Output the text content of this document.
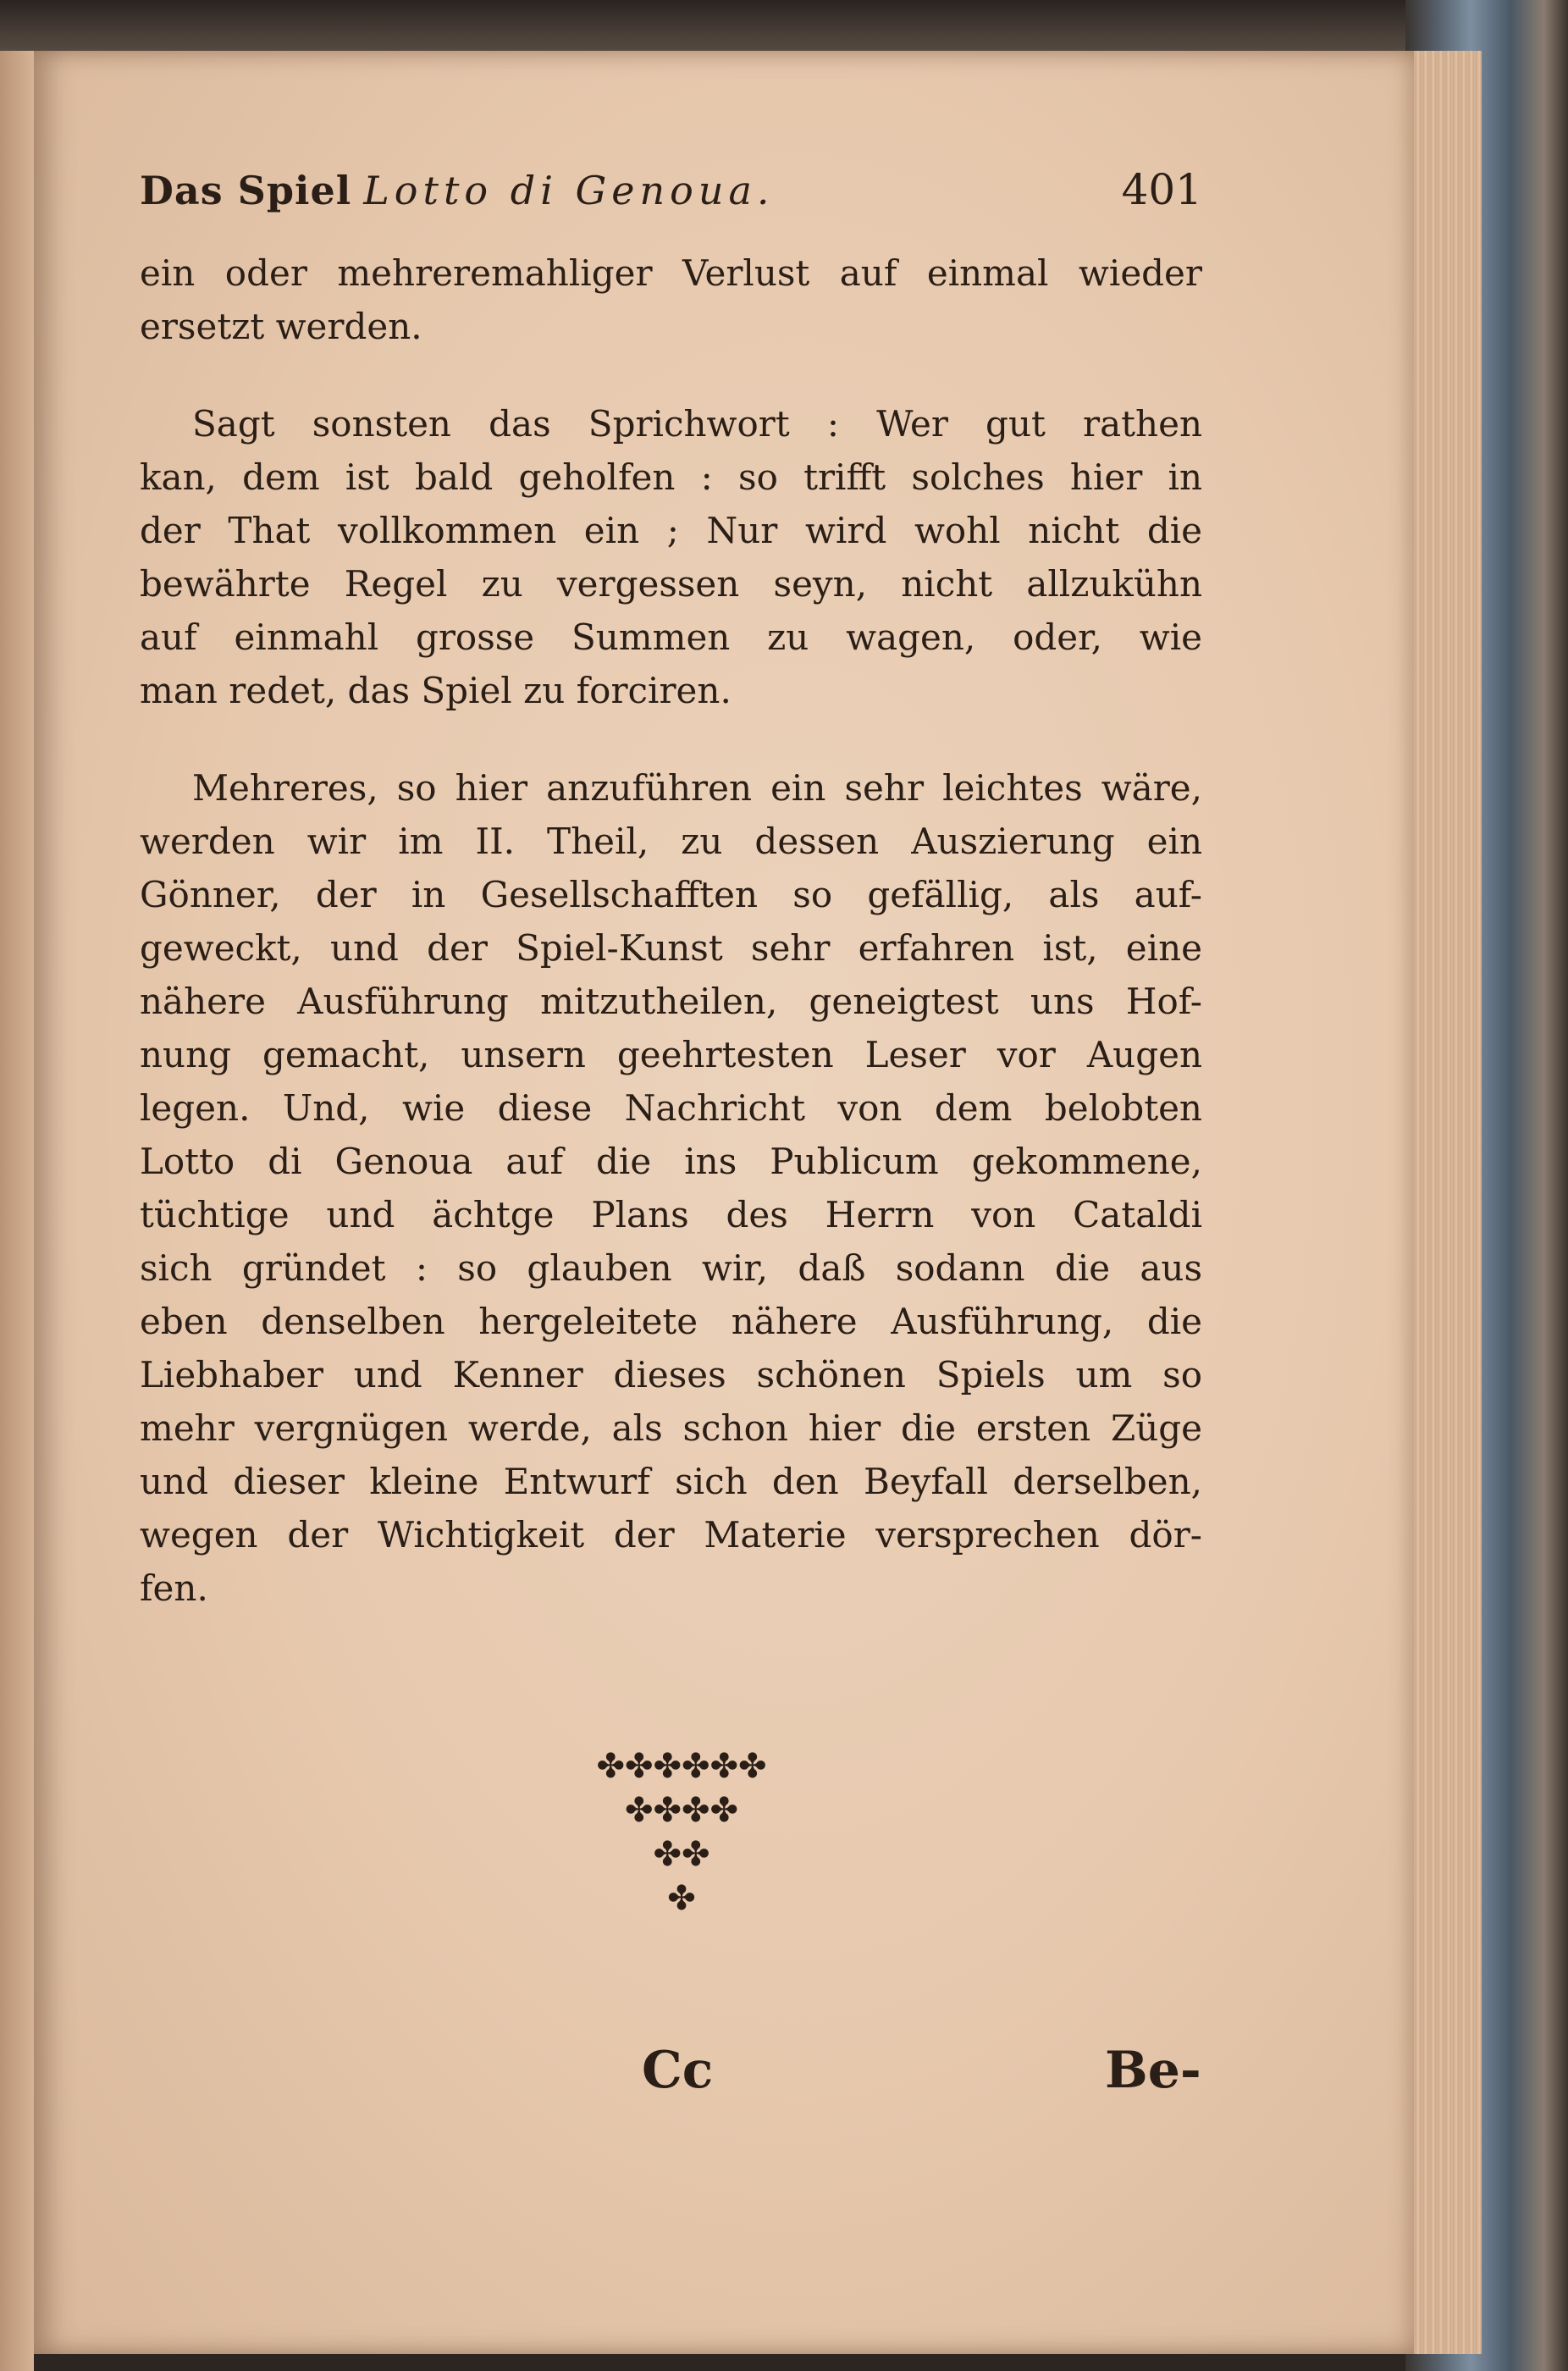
Das Spiel Lotto di Genoua.	401
ein oder mehreremahliger Verlust auf einmal wieder
ersetzt werden.
Sagt sonsten das Sprichwort : Wer gut rathen
kan, dem ist bald geholfen : so trifft solches hier in
der That vollkommen ein ; Nur wird wohl nicht die
bewährte Regel zu vergessen seyn, nicht allzukühn
auf einmahl grosse Summen zu wagen, oder, wie
man redet, das Spiel zu forciren.
Mehreres, so hier anzuführen ein sehr leichtes wäre,
werden wir im II. Theil, zu dessen Auszierung ein
Gönner, der in Gesellschafften so gefällig, als auf-
geweckt, und der Spiel-Kunst sehr erfahren ist, eine
nähere Ausführung mitzutheilen, geneigtest uns Hof-
nung gemacht, unsern geehrtesten Leser vor Augen
legen. Und, wie diese Nachricht von dem belobten
Lotto di Genoua auf die ins Publicum gekommene,
tüchtige und ächtge Plans des Herrn von Cataldi
sich gründet : so glauben wir, daß sodann die aus
eben denselben hergeleitete nähere Ausführung, die
Liebhaber und Kenner dieses schönen Spiels um so
mehr vergnügen werde, als schon hier die ersten Züge
und dieser kleine Entwurf sich den Beyfall derselben,
wegen der Wichtigkeit der Materie versprechen dör-
fen.
✤✤✤✤✤✤
✤✤✤✤
✤✤
✤
Cc	Be-
